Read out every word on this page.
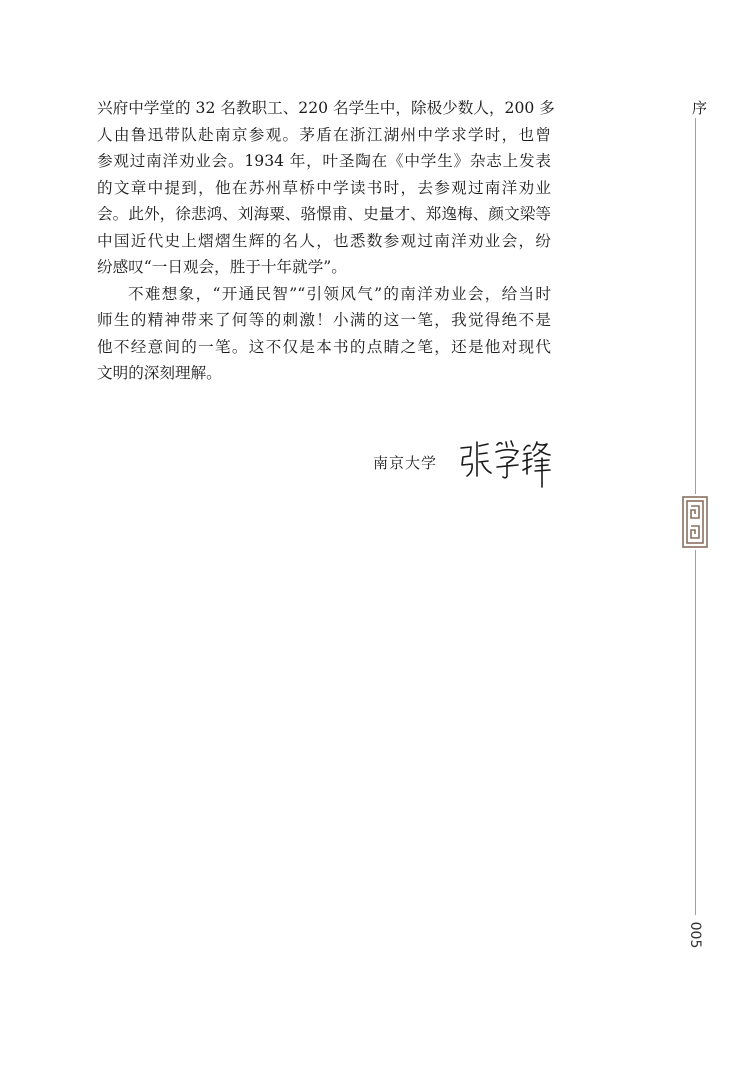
兴府中学堂的 32 名教职工、220 名学生中，除极少数人，200 多
人由鲁迅带队赴南京参观。茅盾在浙江湖州中学求学时，也曾
参观过南洋劝业会。1934 年，叶圣陶在《中学生》杂志上发表
的文章中提到，他在苏州草桥中学读书时，去参观过南洋劝业
会。此外，徐悲鸿、刘海粟、骆憬甫、史量才、郑逸梅、颜文梁等
中国近代史上熠熠生辉的名人，也悉数参观过南洋劝业会，纷
纷感叹“一日观会，胜于十年就学”。

不难想象，“开通民智”“引领风气”的南洋劝业会，给当时
师生的精神带来了何等的刺激！小满的这一笔，我觉得绝不是
他不经意间的一笔。这不仅是本书的点睛之笔，还是他对现代
文明的深刻理解。

南京大学
序
005
